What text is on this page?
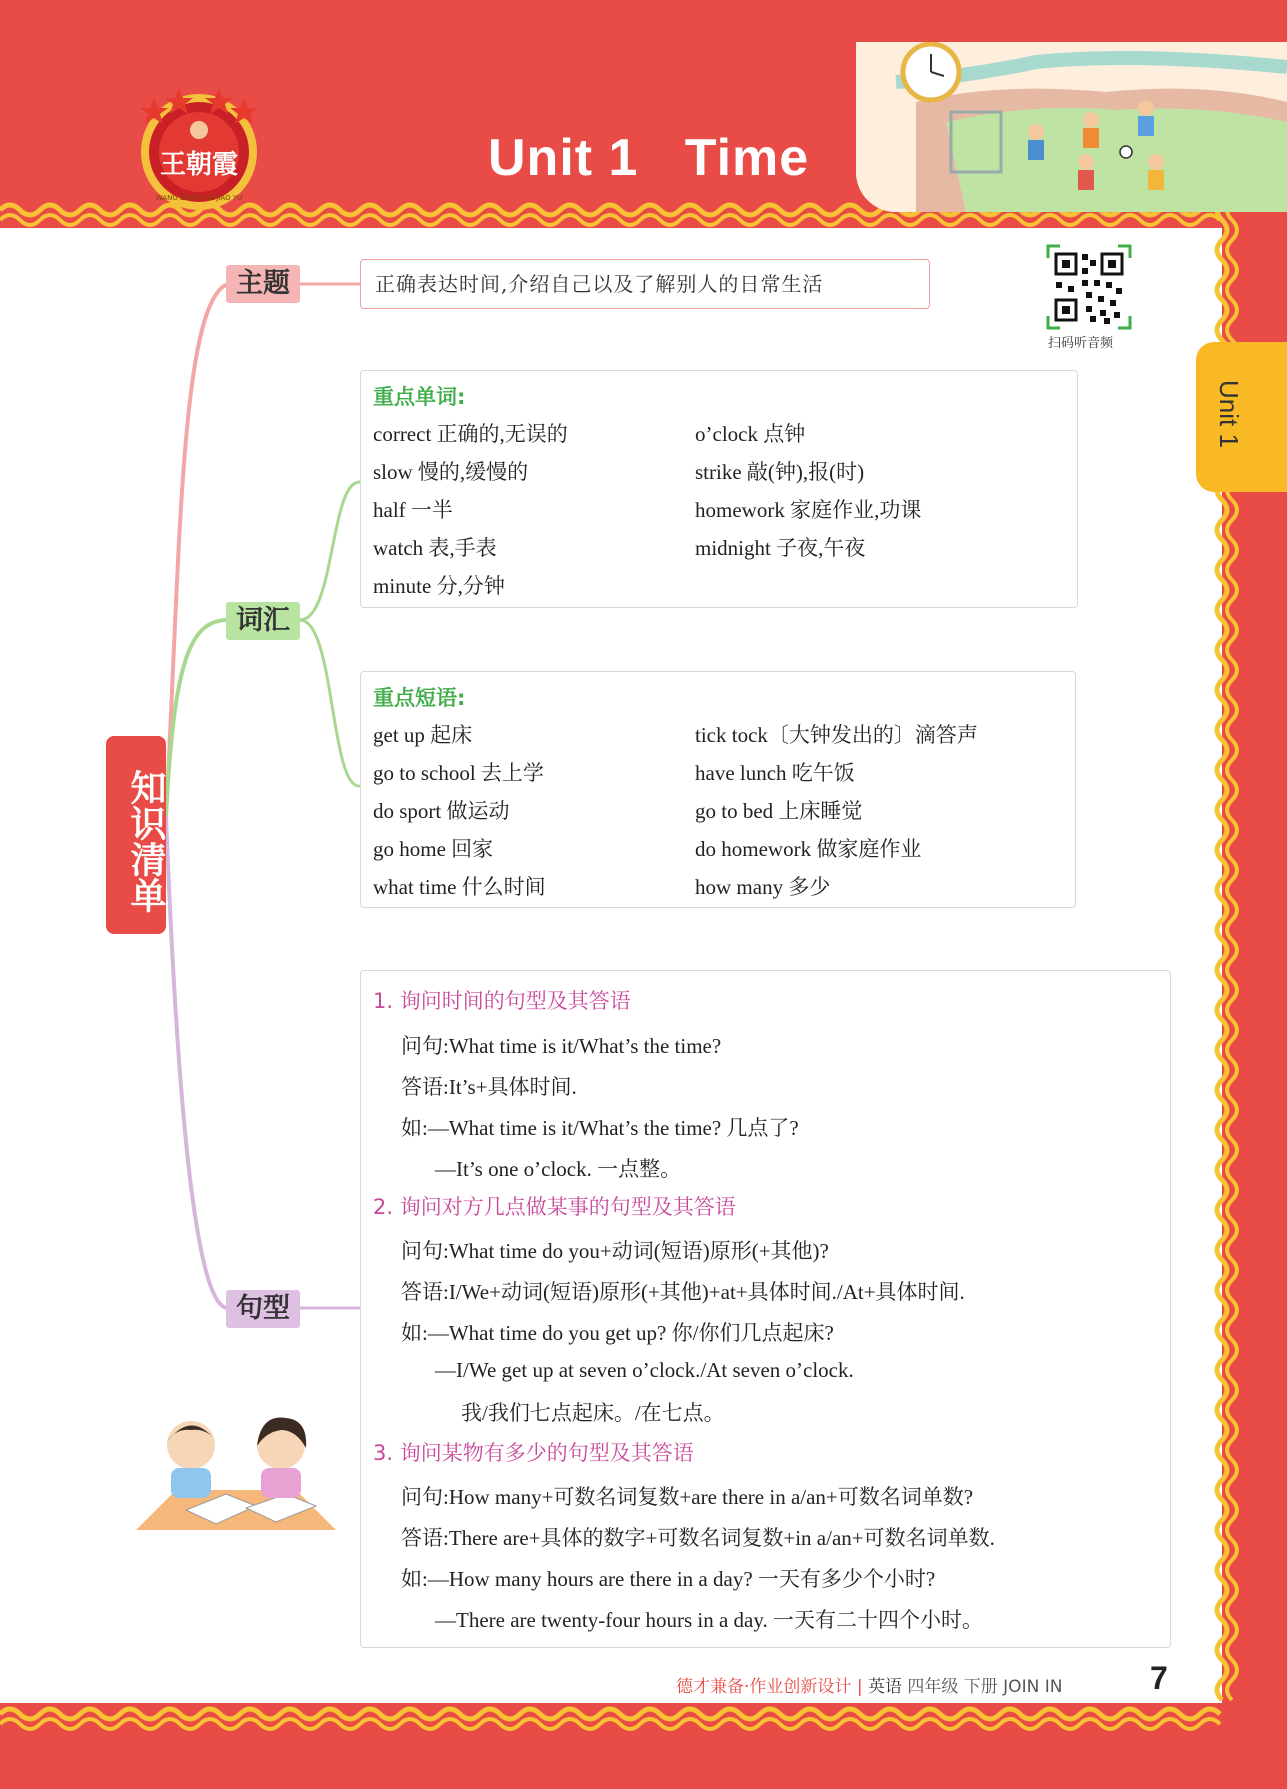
Unit 1   Time
王朝霞
WANG ZHAO XIA JIAO YU
Unit 1
扫码听音频
知识清单
主题
词汇
句型
正确表达时间,介绍自己以及了解别人的日常生活
重点单词:
correct 正确的,无误的
slow 慢的,缓慢的
half 一半
watch 表,手表
minute 分,分钟
o’clock 点钟
strike 敲(钟),报(时)
homework 家庭作业,功课
midnight 子夜,午夜
重点短语:
get up 起床
go to school 去上学
do sport 做运动
go home 回家
what time 什么时间
tick tock〔大钟发出的〕滴答声
have lunch 吃午饭
go to bed 上床睡觉
do homework 做家庭作业
how many 多少
1. 询问时间的句型及其答语
问句:What time is it/What’s the time?
答语:It’s+具体时间.
如:—What time is it/What’s the time? 几点了?
—It’s one o’clock. 一点整。
2. 询问对方几点做某事的句型及其答语
问句:What time do you+动词(短语)原形(+其他)?
答语:I/We+动词(短语)原形(+其他)+at+具体时间./At+具体时间.
如:—What time do you get up? 你/你们几点起床?
—I/We get up at seven o’clock./At seven o’clock.
我/我们七点起床。/在七点。
3. 询问某物有多少的句型及其答语
问句:How many+可数名词复数+are there in a/an+可数名词单数?
答语:There are+具体的数字+可数名词复数+in a/an+可数名词单数.
如:—How many hours are there in a day? 一天有多少个小时?
—There are twenty-four hours in a day. 一天有二十四个小时。
德才兼备·作业创新设计 | 英语 四年级 下册 JOIN IN	7
